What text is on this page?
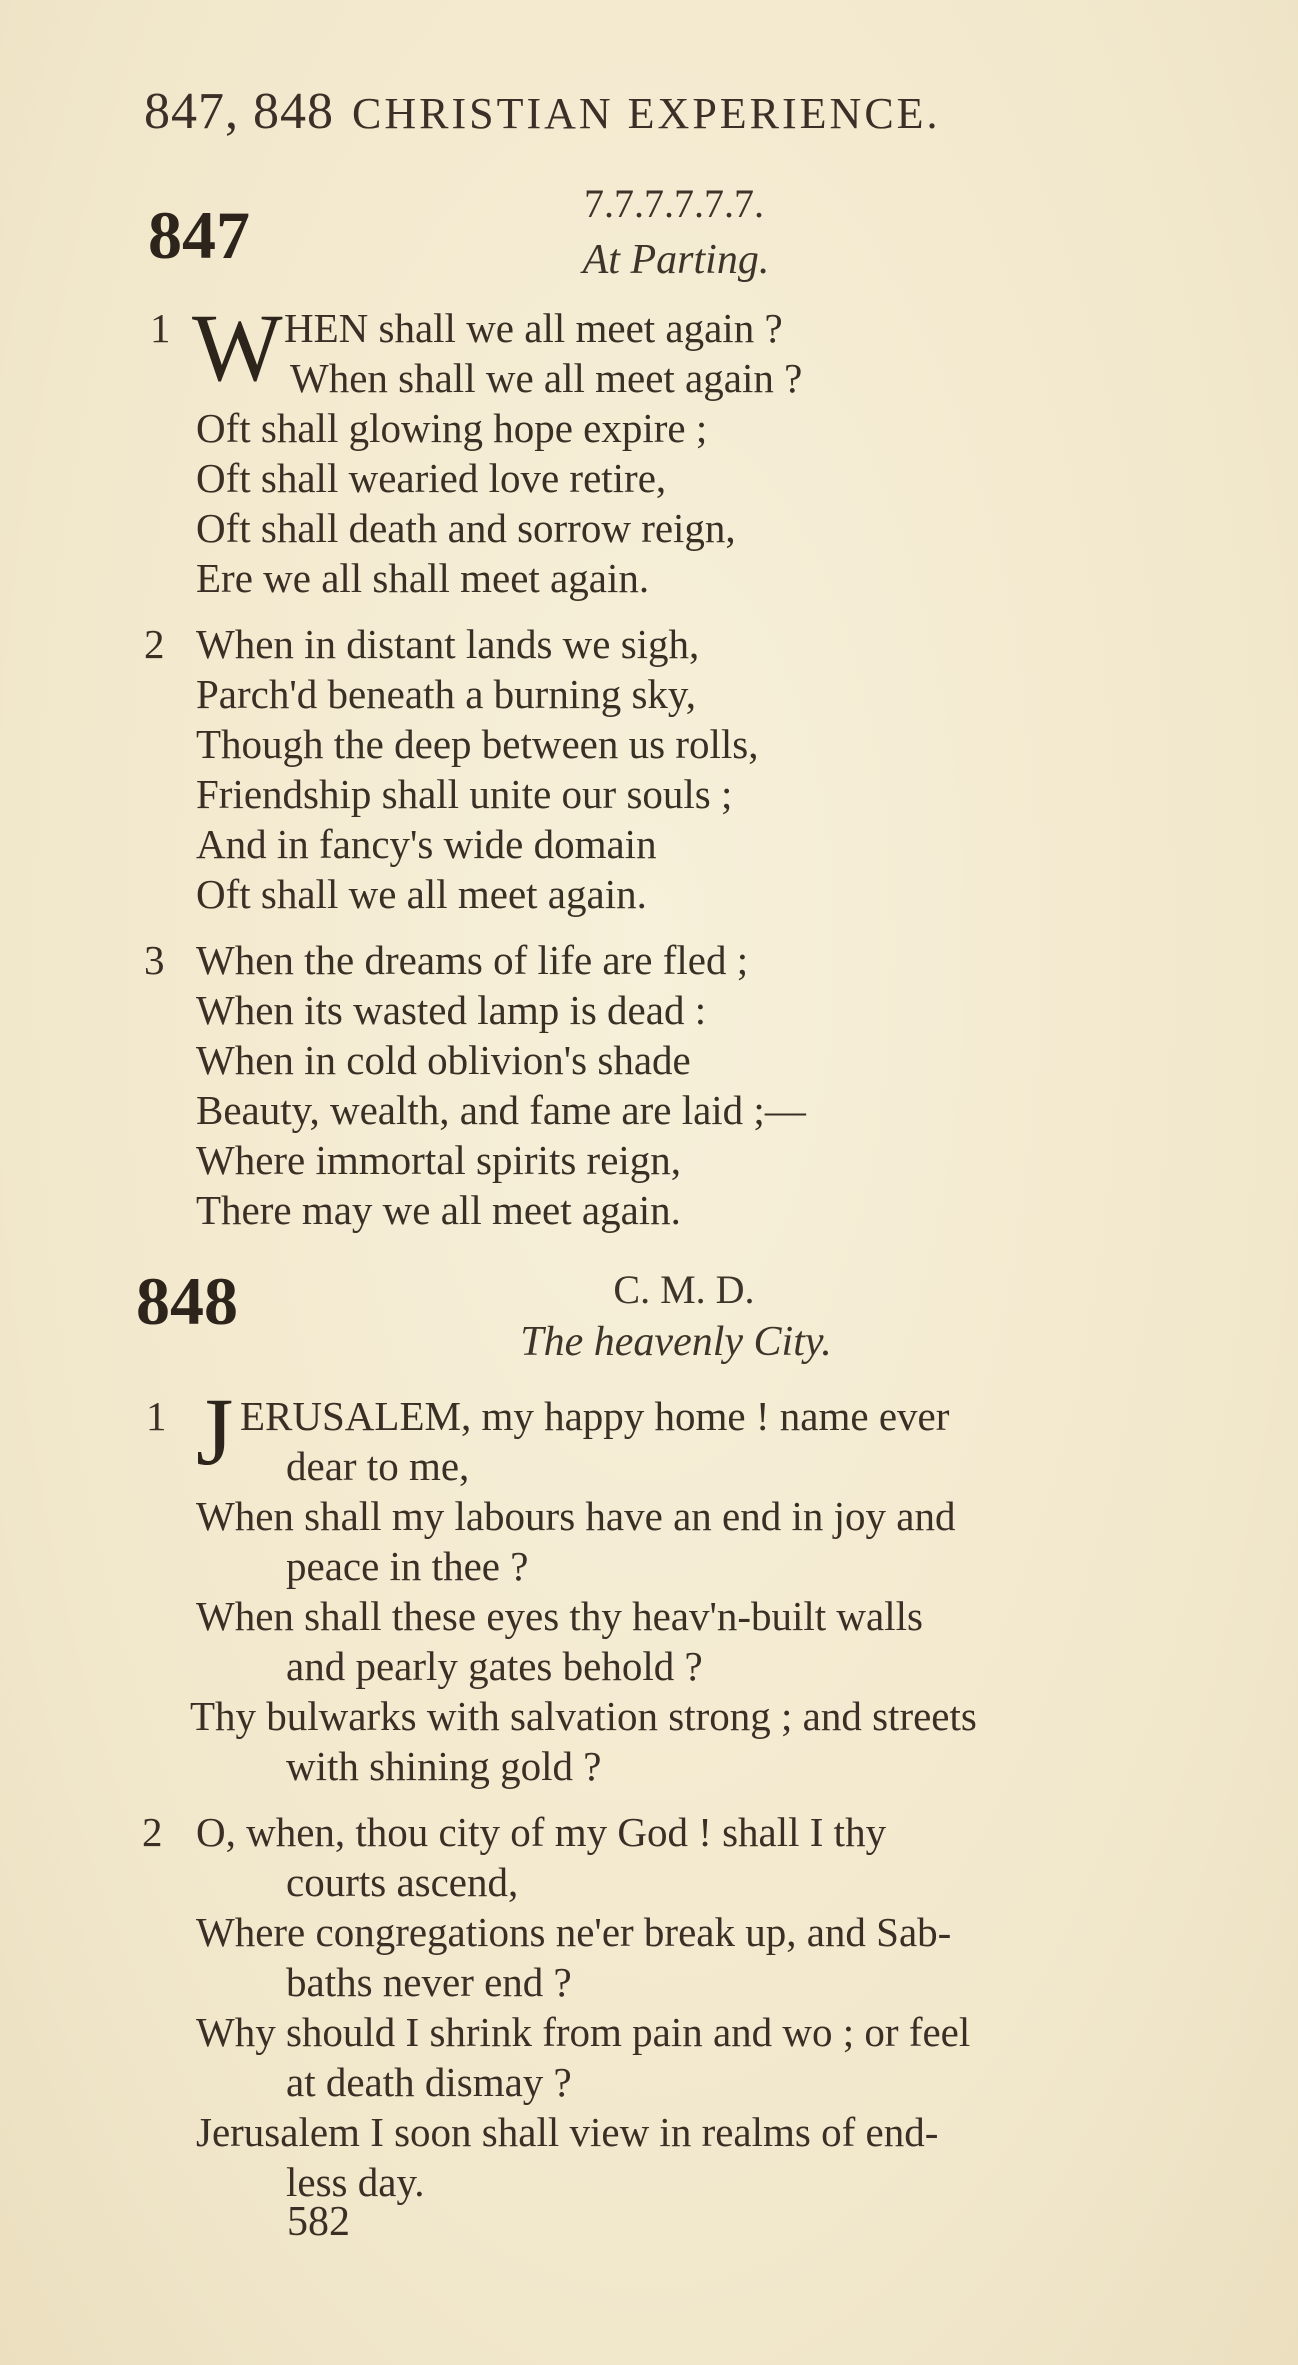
847, 848 CHRISTIAN EXPERIENCE.
847	7.7.7.7.7.7.
At Parting.
1 W HEN shall we all meet again ?
When shall we all meet again ?
Oft shall glowing hope expire ;
Oft shall wearied love retire,
Oft shall death and sorrow reign,
Ere we all shall meet again.
2 When in distant lands we sigh,
Parch'd beneath a burning sky,
Though the deep between us rolls,
Friendship shall unite our souls ;
And in fancy's wide domain
Oft shall we all meet again.
3 When the dreams of life are fled ;
When its wasted lamp is dead :
When in cold oblivion's shade
Beauty, wealth, and fame are laid ;—
Where immortal spirits reign,
There may we all meet again.
848	C. M. D.
The heavenly City.
1 J ERUSALEM, my happy home ! name ever
dear to me,
When shall my labours have an end in joy and
peace in thee ?
When shall these eyes thy heav'n-built walls
and pearly gates behold ?
Thy bulwarks with salvation strong ; and streets
with shining gold ?
2 O, when, thou city of my God ! shall I thy
courts ascend,
Where congregations ne'er break up, and Sab-
baths never end ?
Why should I shrink from pain and wo ; or feel
at death dismay ?
Jerusalem I soon shall view in realms of end-
less day.
582
